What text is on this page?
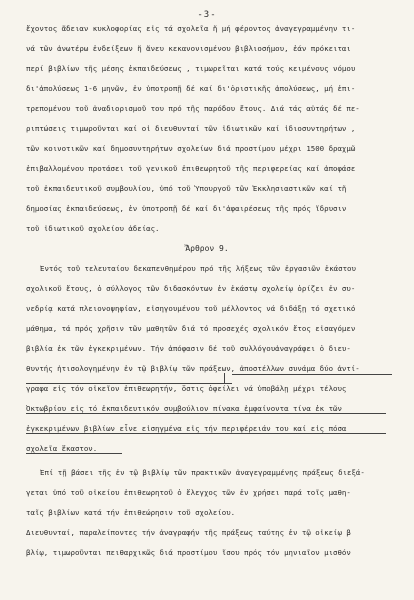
-3-
ἔχοντος ἄδειαν κυκλοφορίας εἰς τά σχολεῖα ἤ μή φέροντος ἀναγεγραμμένην τι-
νά τῶν ἀνωτέρω ἐνδείξεων ἤ ἄνευ κεκανονισμένου βιβλιοσήμου, ἐάν πρόκειται
περί βιβλίων τῆς μέσης ἐκπαιδεύσεως , τιμωρεῖται κατά τούς κειμένους νόμου
δι'ἀπολύσεως 1-6 μηνῶν, ἐν ὑποτροπῇ δέ καί δι'ὁριστικῆς ἀπολύσεως, μή ἐπι-
τρεπομένου τοῦ ἀναδιορισμοῦ του πρό τῆς παρόδου ἔτους. Διά τάς αὐτάς δέ πε-
ριπτώσεις τιμωροῦνται καί οἱ διευθυνταί τῶν ἰδιωτικῶν καί ἰδιοσυντηρήτων ,
τῶν κοινοτικῶν καί δημοσυντηρήτων σχολείων διά προστίμου μέχρι 1500 δραχμῶ
ἐπιβαλλομένου προτάσει τοῦ γενικοῦ ἐπιθεωρητοῦ τῆς περιφερείας καί ἀποφάσε
τοῦ ἐκπαιδευτικοῦ συμβουλίου, ὑπό τοῦ Ὑπουργοῦ τῶν Ἐκκλησιαστικῶν καί τῆ
δημοσίας ἐκπαιδεύσεως, ἐν ὑποτροπῇ δέ καί δι'ἀφαιρέσεως τῆς πρός ἵδρυσιν
τοῦ ἰδιωτικοῦ σχολείου ἀδείας.
Ἄρθρον 9.
Ἐντός τοῦ τελευταίου δεκαπενθημέρου πρό τῆς λήξεως τῶν ἐργασιῶν ἑκάστου
σχολικοῦ ἔτους, ὁ σύλλογος τῶν διδασκόντων ἐν ἑκάστῳ σχολείῳ ὁρίζει ἐν συ-
νεδρίᾳ κατά πλειονοψηφίαν, εἰσηγουμένου τοῦ μέλλοντος νά διδάξῃ τό σχετικό
μάθημα, τά πρός χρῆσιν τῶν μαθητῶν διά τό προσεχές σχολικόν ἔτος εἰσαγόμεν
βιβλία ἐκ τῶν ἐγκεκριμένων. Τήν ἀπόφασιν δέ τοῦ συλλόγουἀναγράφει ὁ διευ-
θυντής ἡτισολογημένην ἐν τῷ βιβλίῳ τῶν πράξεων, ἀποστέλλων συνάμα δύο ἀντί-
γραφα εἰς τόν οἰκεῖον ἐπιθεωρητήν, ὅστις ὀφείλει νά ὑποβάλῃ μέχρι τέλους
Ὀκτωβρίου εἰς τό ἐκπαιδευτικόν συμβούλιον πίνακα ἐμφαίνοντα τίνα ἐκ τῶν
ἐγκεκριμένων βιβλίων εἶνε εἰσηγμένα εἰς τήν περιφέρειάν του καί εἰς πόσα
σχολεῖα ἕκαστον.
Ἐπί τῇ βάσει τῆς ἐν τῷ βιβλίῳ τῶν πρακτικῶν ἀναγεγραμμένης πράξεως διεξά-
γεται ὑπό τοῦ οἰκείου ἐπιθεωρητοῦ ὁ ἔλεγχος τῶν ἐν χρήσει παρά τοῖς μαθη-
ταῖς βιβλίων κατά τήν ἐπιθεώρησιν τοῦ σχολείου.
Διευθυνταί, παραλείποντες τήν ἀναγραφήν τῆς πράξεως ταύτης ἐν τῷ οἰκείῳ β
βλίῳ, τιμωροῦνται πειθαρχικῶς διά προστίμου ἴσου πρός τόν μηνιαῖον μισθόν
